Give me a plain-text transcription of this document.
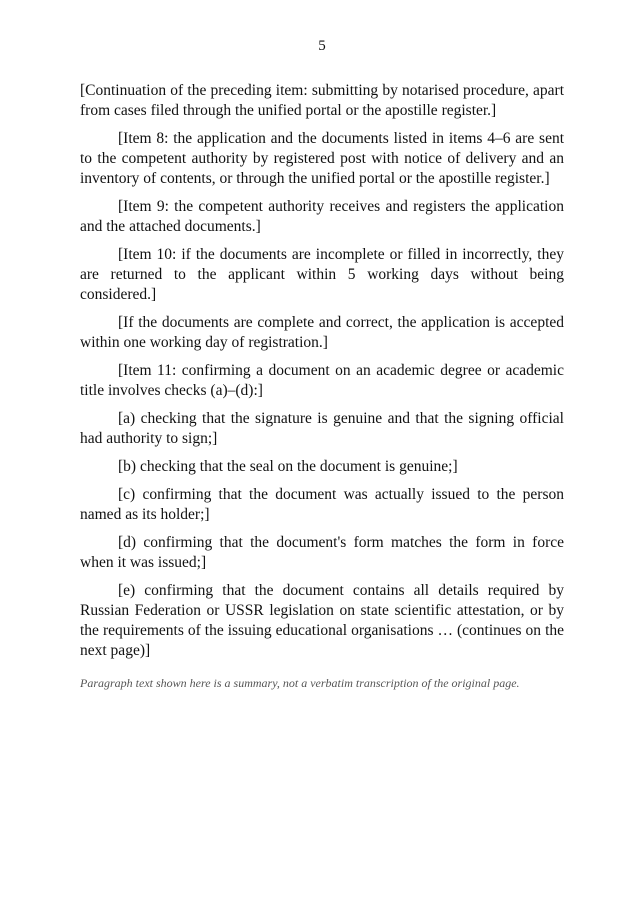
5

[Continuation of the preceding item: submitting by notarised procedure, apart from cases filed through the unified portal or the apostille register.]

[Item 8: the application and the documents listed in items 4–6 are sent to the competent authority by registered post with notice of delivery and an inventory of contents, or through the unified portal or the apostille register.]

[Item 9: the competent authority receives and registers the application and the attached documents.]

[Item 10: if the documents are incomplete or filled in incorrectly, they are returned to the applicant within 5 working days without being considered.]

[If the documents are complete and correct, the application is accepted within one working day of registration.]

[Item 11: confirming a document on an academic degree or academic title involves checks (a)–(d):]

[a) checking that the signature is genuine and that the signing official had authority to sign;]

[b) checking that the seal on the document is genuine;]

[c) confirming that the document was actually issued to the person named as its holder;]

[d) confirming that the document's form matches the form in force when it was issued;]

[e) confirming that the document contains all details required by Russian Federation or USSR legislation on state scientific attestation, or by the requirements of the issuing educational organisations … (continues on the next page)]

Paragraph text shown here is a summary, not a verbatim transcription of the original page.
